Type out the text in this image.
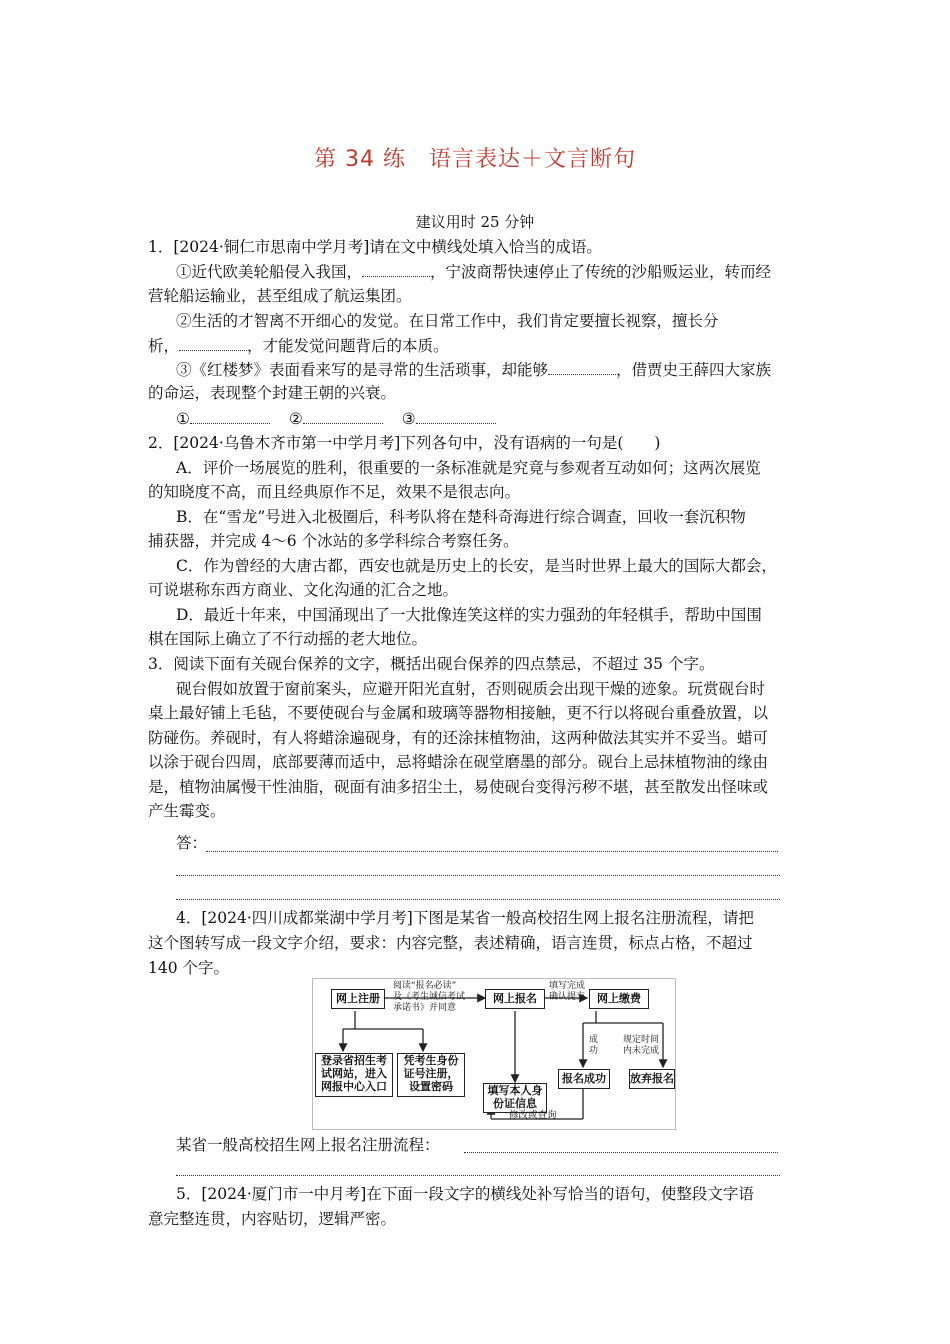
第 34 练　语言表达＋文言断句
建议用时 25 分钟
1．[2024·铜仁市思南中学月考]请在文中横线处填入恰当的成语。
①近代欧美轮船侵入我国，	，宁波商帮快速停止了传统的沙船贩运业，转而经
营轮船运输业，甚至组成了航运集团。
②生活的才智离不开细心的发觉。在日常工作中，我们肯定要擅长视察，擅长分
析，	，才能发觉问题背后的本质。
③《红楼梦》表面看来写的是寻常的生活琐事，却能够	，借贾史王薛四大家族
的命运，表现整个封建王朝的兴衰。
①	②	③
2．[2024·乌鲁木齐市第一中学月考]下列各句中，没有语病的一句是(　　)
A．评价一场展览的胜利，很重要的一条标准就是究竟与参观者互动如何；这两次展览
的知晓度不高，而且经典原作不足，效果不是很志向。
B．在“雪龙”号进入北极圈后，科考队将在楚科奇海进行综合调查，回收一套沉积物
捕获器，并完成 4～6 个冰站的多学科综合考察任务。
C．作为曾经的大唐古都，西安也就是历史上的长安，是当时世界上最大的国际大都会，
可说堪称东西方商业、文化沟通的汇合之地。
D．最近十年来，中国涌现出了一大批像连笑这样的实力强劲的年轻棋手，帮助中国围
棋在国际上确立了不行动摇的老大地位。
3．阅读下面有关砚台保养的文字，概括出砚台保养的四点禁忌，不超过 35 个字。
砚台假如放置于窗前案头，应避开阳光直射，否则砚质会出现干燥的迹象。玩赏砚台时
桌上最好铺上毛毡，不要使砚台与金属和玻璃等器物相接触，更不行以将砚台重叠放置，以
防碰伤。养砚时，有人将蜡涂遍砚身，有的还涂抹植物油，这两种做法其实并不妥当。蜡可
以涂于砚台四周，底部要薄而适中，忌将蜡涂在砚堂磨墨的部分。砚台上忌抹植物油的缘由
是，植物油属慢干性油脂，砚面有油多招尘土，易使砚台变得污秽不堪，甚至散发出怪味或
产生霉变。
答：
4．[2024·四川成都棠湖中学月考]下图是某省一般高校招生网上报名注册流程，请把
这个图转写成一段文字介绍，要求：内容完整，表述精确，语言连贯，标点占格，不超过
140 个字。
网上注册	网上报名	网上缴费
阅读“报名必读”
及《考生诚信考试
承诺书》并同意
填写完成
确认提交
成
功
规定时间
内未完成
登录省招生考
试网站，进入
网报中心入口
凭考生身份
证号注册，
设置密码	填写本人身
份证信息
报名成功	放弃报名
修改或查询
某省一般高校招生网上报名注册流程：
5．[2024·厦门市一中月考]在下面一段文字的横线处补写恰当的语句，使整段文字语
意完整连贯，内容贴切，逻辑严密。
